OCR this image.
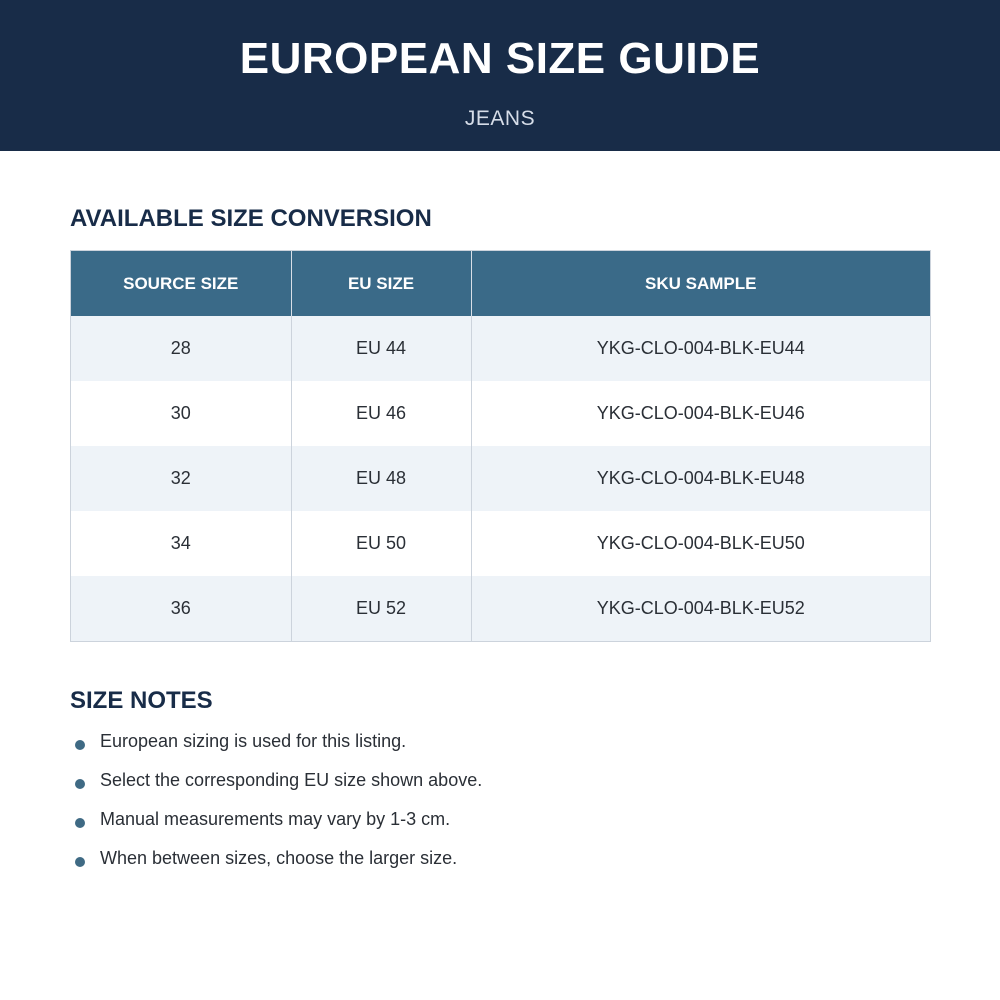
EUROPEAN SIZE GUIDE
JEANS
AVAILABLE SIZE CONVERSION
SOURCE SIZE	EU SIZE	SKU SAMPLE
28	EU 44	YKG-CLO-004-BLK-EU44
30	EU 46	YKG-CLO-004-BLK-EU46
32	EU 48	YKG-CLO-004-BLK-EU48
34	EU 50	YKG-CLO-004-BLK-EU50
36	EU 52	YKG-CLO-004-BLK-EU52
SIZE NOTES
European sizing is used for this listing.
Select the corresponding EU size shown above.
Manual measurements may vary by 1-3 cm.
When between sizes, choose the larger size.
